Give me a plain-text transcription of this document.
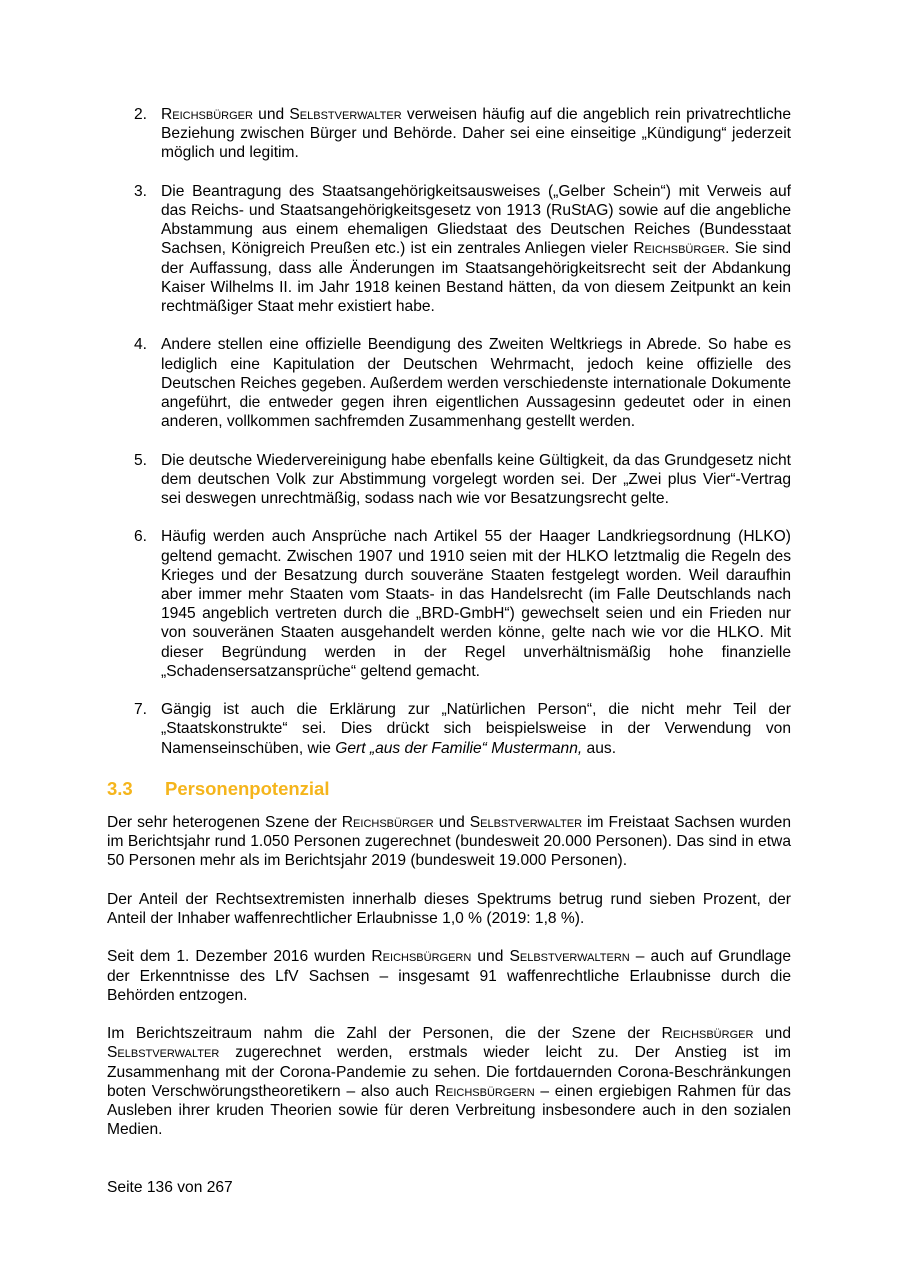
2. Reichsbürger und Selbstverwalter verweisen häufig auf die angeblich rein privatrechtliche Beziehung zwischen Bürger und Behörde. Daher sei eine einseitige „Kündigung“ jederzeit möglich und legitim.
3. Die Beantragung des Staatsangehörigkeitsausweises („Gelber Schein“) mit Verweis auf das Reichs- und Staatsangehörigkeitsgesetz von 1913 (RuStAG) sowie auf die angebliche Abstammung aus einem ehemaligen Gliedstaat des Deutschen Reiches (Bundesstaat Sachsen, Königreich Preußen etc.) ist ein zentrales Anliegen vieler Reichsbürger. Sie sind der Auffassung, dass alle Änderungen im Staatsangehörigkeitsrecht seit der Abdankung Kaiser Wilhelms II. im Jahr 1918 keinen Bestand hätten, da von diesem Zeitpunkt an kein rechtmäßiger Staat mehr existiert habe.
4. Andere stellen eine offizielle Beendigung des Zweiten Weltkriegs in Abrede. So habe es lediglich eine Kapitulation der Deutschen Wehrmacht, jedoch keine offizielle des Deutschen Reiches gegeben. Außerdem werden verschiedenste internationale Dokumente angeführt, die entweder gegen ihren eigentlichen Aussagesinn gedeutet oder in einen anderen, vollkommen sachfremden Zusammenhang gestellt werden.
5. Die deutsche Wiedervereinigung habe ebenfalls keine Gültigkeit, da das Grundgesetz nicht dem deutschen Volk zur Abstimmung vorgelegt worden sei. Der „Zwei plus Vier“-Vertrag sei deswegen unrechtmäßig, sodass nach wie vor Besatzungsrecht gelte.
6. Häufig werden auch Ansprüche nach Artikel 55 der Haager Landkriegsordnung (HLKO) geltend gemacht. Zwischen 1907 und 1910 seien mit der HLKO letztmalig die Regeln des Krieges und der Besatzung durch souveräne Staaten festgelegt worden. Weil daraufhin aber immer mehr Staaten vom Staats- in das Handelsrecht (im Falle Deutschlands nach 1945 angeblich vertreten durch die „BRD-GmbH“) gewechselt seien und ein Frieden nur von souveränen Staaten ausgehandelt werden könne, gelte nach wie vor die HLKO. Mit dieser Begründung werden in der Regel unverhältnismäßig hohe finanzielle „Schadensersatzansprüche“ geltend gemacht.
7. Gängig ist auch die Erklärung zur „Natürlichen Person“, die nicht mehr Teil der „Staatskonstrukte“ sei. Dies drückt sich beispielsweise in der Verwendung von Namenseinschüben, wie Gert „aus der Familie“ Mustermann, aus.
3.3 Personenpotenzial

Der sehr heterogenen Szene der Reichsbürger und Selbstverwalter im Freistaat Sachsen wurden im Berichtsjahr rund 1.050 Personen zugerechnet (bundesweit 20.000 Personen). Das sind in etwa 50 Personen mehr als im Berichtsjahr 2019 (bundesweit 19.000 Personen).

Der Anteil der Rechtsextremisten innerhalb dieses Spektrums betrug rund sieben Prozent, der Anteil der Inhaber waffenrechtlicher Erlaubnisse 1,0 % (2019: 1,8 %).

Seit dem 1. Dezember 2016 wurden Reichsbürgern und Selbstverwaltern – auch auf Grundlage der Erkenntnisse des LfV Sachsen – insgesamt 91 waffenrechtliche Erlaubnisse durch die Behörden entzogen.

Im Berichtszeitraum nahm die Zahl der Personen, die der Szene der Reichsbürger und Selbstverwalter zugerechnet werden, erstmals wieder leicht zu. Der Anstieg ist im Zusammenhang mit der Corona-Pandemie zu sehen. Die fortdauernden Corona-Beschränkungen boten Verschwörungstheoretikern – also auch Reichsbürgern – einen ergiebigen Rahmen für das Ausleben ihrer kruden Theorien sowie für deren Verbreitung insbesondere auch in den sozialen Medien.

Seite 136 von 267
